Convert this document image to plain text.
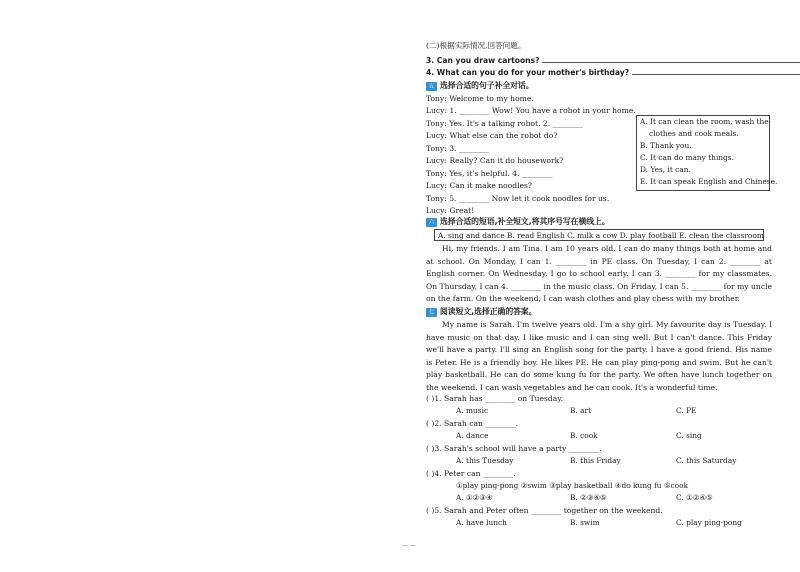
(二)根据实际情况,回答问题。
3. Can you draw cartoons?
4. What can you do for your mother's birthday?
五 选择合适的句子补全对话。
Tony: Welcome to my home.
Lucy: 1. ________ Wow! You have a robot in your home.
Tony: Yes. It's a talking robot. 2. ________
Lucy: What else can the robot do?
Tony: 3. ________
Lucy: Really? Can it do housework?
Tony: Yes, it's helpful. 4. ________
Lucy: Can it make noodles?
Tony: 5. ________ Now let it cook noodles for us.
Lucy: Great!
A. It can clean the room, wash the
clothes and cook meals.
B. Thank you.
C. It can do many things.
D. Yes, it can.
E. It can speak English and Chinese.
六 选择合适的短语,补全短文,将其序号写在横线上。
A. sing and dance B. read English C. milk a cow D. play football E. clean the classroom
Hi, my friends. I am Tina. I am 10 years old. I can do many things both at home and at school. On Monday, I can 1. ________ in PE class. On Tuesday, I can 2. ________ at English corner. On Wednesday, I go to school early. I can 3. ________ for my classmates. On Thursday, I can 4. ________ in the music class. On Friday, I can 5. ________ for my uncle on the farm. On the weekend, I can wash clothes and play chess with my brother.
七 阅读短文,选择正确的答案。
My name is Sarah. I'm twelve years old. I'm a shy girl. My favourite day is Tuesday. I have music on that day. I like music and I can sing well. But I can't dance. This Friday we'll have a party. I'll sing an English song for the party. I have a good friend. His name is Peter. He is a friendly boy. He likes PE. He can play ping-pong and swim. But he can't play basketball. He can do some kung fu for the party. We often have lunch together on the weekend. I can wash vegetables and he can cook. It's a wonderful time.
( )1. Sarah has ________ on Tuesday.
A. music	B. art	C. PE
( )2. Sarah can ________.
A. dance	B. cook	C. sing
( )3. Sarah's school will have a party ________.
A. this Tuesday	B. this Friday	C. this Saturday
( )4. Peter can ________.
①play ping-pong ②swim ③play basketball ④do kung fu ⑤cook
A. ①②③④	B. ②③④⑤	C. ①②④⑤
( )5. Sarah and Peter often ________ together on the weekend.
A. have lunch	B. swim	C. play ping-pong
— —
